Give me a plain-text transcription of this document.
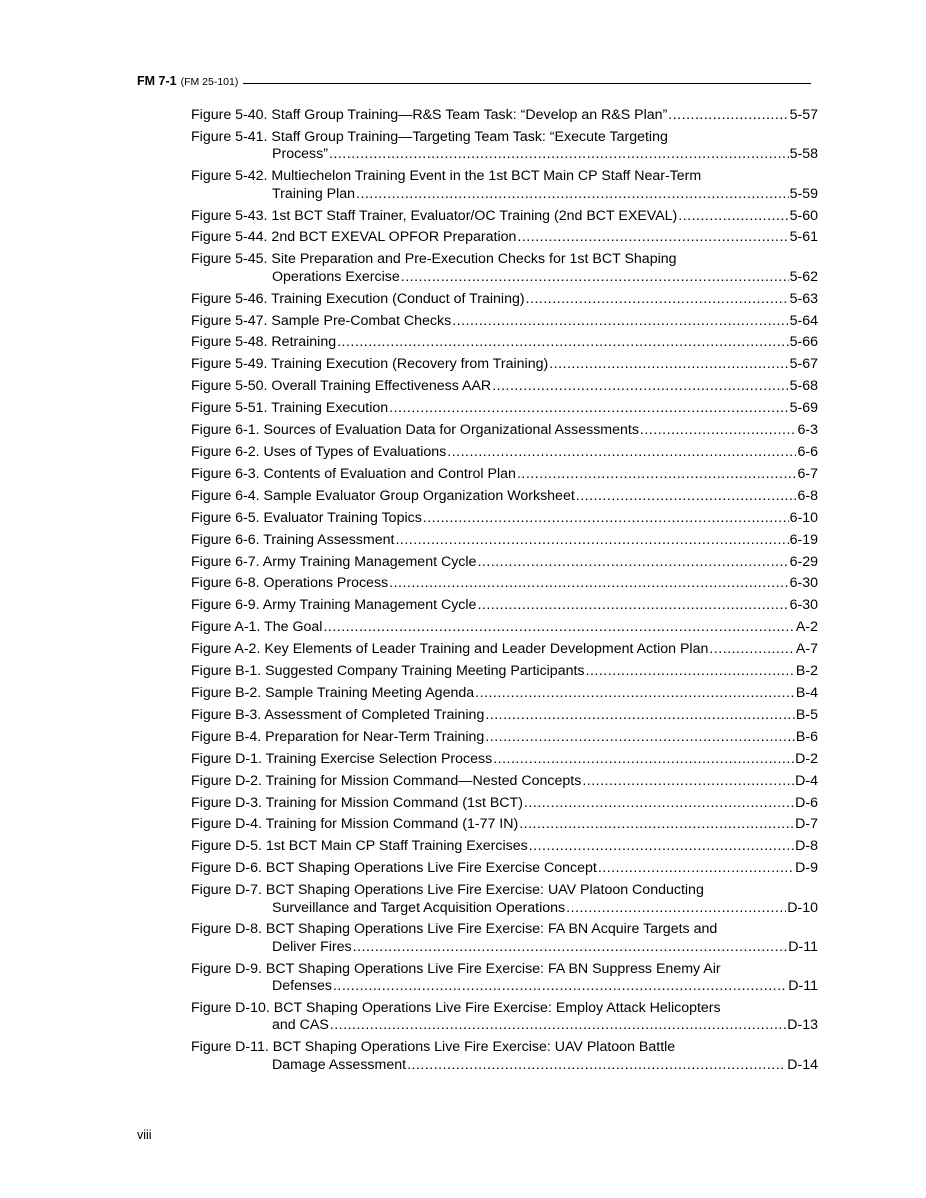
FM 7-1 (FM 25-101)
Figure 5-40. Staff Group Training—R&S Team Task: “Develop an R&S Plan” .....	5-57
Figure 5-41. Staff Group Training—Targeting Team Task: “Execute Targeting
Process” .....	5-58
Figure 5-42. Multiechelon Training Event in the 1st BCT Main CP Staff Near-Term
Training Plan .....	5-59
Figure 5-43. 1st BCT Staff Trainer, Evaluator/OC Training (2nd BCT EXEVAL) .....	5-60
Figure 5-44. 2nd BCT EXEVAL OPFOR Preparation .....	5-61
Figure 5-45. Site Preparation and Pre-Execution Checks for 1st BCT Shaping
Operations Exercise .....	5-62
Figure 5-46. Training Execution (Conduct of Training) .....	5-63
Figure 5-47. Sample Pre-Combat Checks .....	5-64
Figure 5-48. Retraining .....	5-66
Figure 5-49. Training Execution (Recovery from Training) .....	5-67
Figure 5-50. Overall Training Effectiveness AAR .....	5-68
Figure 5-51. Training Execution .....	5-69
Figure 6-1. Sources of Evaluation Data for Organizational Assessments .....	6-3
Figure 6-2. Uses of Types of Evaluations .....	6-6
Figure 6-3. Contents of Evaluation and Control Plan .....	6-7
Figure 6-4. Sample Evaluator Group Organization Worksheet .....	6-8
Figure 6-5. Evaluator Training Topics .....	6-10
Figure 6-6. Training Assessment .....	6-19
Figure 6-7. Army Training Management Cycle .....	6-29
Figure 6-8. Operations Process .....	6-30
Figure 6-9. Army Training Management Cycle .....	6-30
Figure A-1. The Goal .....	A-2
Figure A-2. Key Elements of Leader Training and Leader Development Action Plan .....	A-7
Figure B-1. Suggested Company Training Meeting Participants .....	B-2
Figure B-2. Sample Training Meeting Agenda .....	B-4
Figure B-3. Assessment of Completed Training .....	B-5
Figure B-4. Preparation for Near-Term Training .....	B-6
Figure D-1. Training Exercise Selection Process .....	D-2
Figure D-2. Training for Mission Command—Nested Concepts .....	D-4
Figure D-3. Training for Mission Command (1st BCT) .....	D-6
Figure D-4. Training for Mission Command (1-77 IN) .....	D-7
Figure D-5. 1st BCT Main CP Staff Training Exercises .....	D-8
Figure D-6. BCT Shaping Operations Live Fire Exercise Concept .....	D-9
Figure D-7. BCT Shaping Operations Live Fire Exercise: UAV Platoon Conducting
Surveillance and Target Acquisition Operations .....	D-10
Figure D-8. BCT Shaping Operations Live Fire Exercise: FA BN Acquire Targets and
Deliver Fires .....	D-11
Figure D-9. BCT Shaping Operations Live Fire Exercise: FA BN Suppress Enemy Air
Defenses .....	D-11
Figure D-10. BCT Shaping Operations Live Fire Exercise: Employ Attack Helicopters
and CAS .....	D-13
Figure D-11. BCT Shaping Operations Live Fire Exercise: UAV Platoon Battle
Damage Assessment .....	D-14
viii
